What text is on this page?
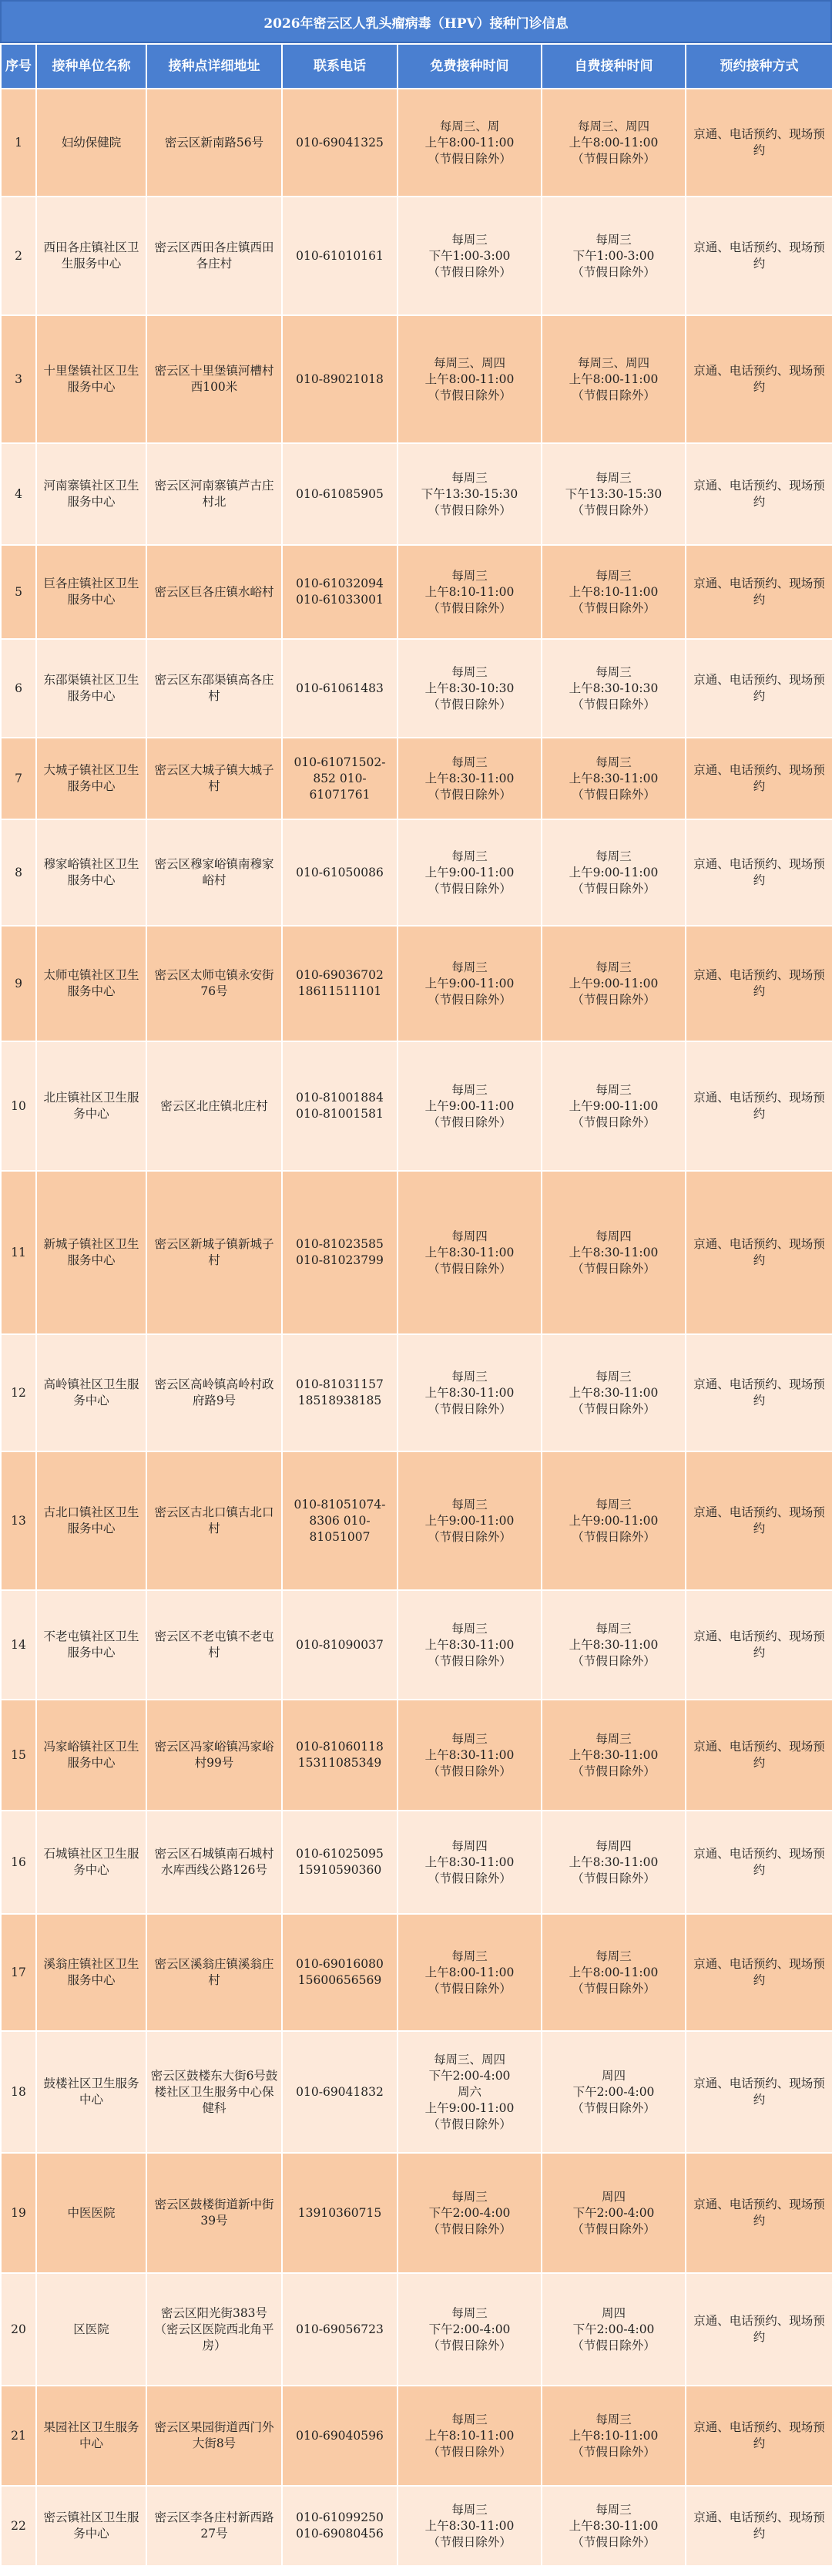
2026年密云区人乳头瘤病毒（HPV）接种门诊信息
序号	接种单位名称	接种点详细地址	联系电话	免费接种时间	自费接种时间	预约接种方式
1	妇幼保健院	密云区新南路56号	010-69041325	每周三、周
上午8:00-11:00
（节假日除外）	每周三、周四
上午8:00-11:00
（节假日除外）	京通、电话预约、现场预约
2	西田各庄镇社区卫生服务中心	密云区西田各庄镇西田各庄村	010-61010161	每周三
下午1:00-3:00
（节假日除外）	每周三
下午1:00-3:00
（节假日除外）	京通、电话预约、现场预约
3	十里堡镇社区卫生服务中心	密云区十里堡镇河槽村西100米	010-89021018	每周三、周四
上午8:00-11:00
（节假日除外）	每周三、周四
上午8:00-11:00
（节假日除外）	京通、电话预约、现场预约
4	河南寨镇社区卫生服务中心	密云区河南寨镇芦古庄村北	010-61085905	每周三
下午13:30-15:30
（节假日除外）	每周三
下午13:30-15:30
（节假日除外）	京通、电话预约、现场预约
5	巨各庄镇社区卫生服务中心	密云区巨各庄镇水峪村	010-61032094 010-61033001	每周三
上午8:10-11:00
（节假日除外）	每周三
上午8:10-11:00
（节假日除外）	京通、电话预约、现场预约
6	东邵渠镇社区卫生服务中心	密云区东邵渠镇高各庄村	010-61061483	每周三
上午8:30-10:30
（节假日除外）	每周三
上午8:30-10:30
（节假日除外）	京通、电话预约、现场预约
7	大城子镇社区卫生服务中心	密云区大城子镇大城子村	010-61071502-852 010-61071761	每周三
上午8:30-11:00
（节假日除外）	每周三
上午8:30-11:00
（节假日除外）	京通、电话预约、现场预约
8	穆家峪镇社区卫生服务中心	密云区穆家峪镇南穆家峪村	010-61050086	每周三
上午9:00-11:00
（节假日除外）	每周三
上午9:00-11:00
（节假日除外）	京通、电话预约、现场预约
9	太师屯镇社区卫生服务中心	密云区太师屯镇永安街76号	010-69036702 18611511101	每周三
上午9:00-11:00
（节假日除外）	每周三
上午9:00-11:00
（节假日除外）	京通、电话预约、现场预约
10	北庄镇社区卫生服务中心	密云区北庄镇北庄村	010-81001884 010-81001581	每周三
上午9:00-11:00
（节假日除外）	每周三
上午9:00-11:00
（节假日除外）	京通、电话预约、现场预约
11	新城子镇社区卫生服务中心	密云区新城子镇新城子村	010-81023585 010-81023799	每周四
上午8:30-11:00
（节假日除外）	每周四
上午8:30-11:00
（节假日除外）	京通、电话预约、现场预约
12	高岭镇社区卫生服务中心	密云区高岭镇高岭村政府路9号	010-81031157 18518938185	每周三
上午8:30-11:00
（节假日除外）	每周三
上午8:30-11:00
（节假日除外）	京通、电话预约、现场预约
13	古北口镇社区卫生服务中心	密云区古北口镇古北口村	010-81051074-8306 010-81051007	每周三
上午9:00-11:00
（节假日除外）	每周三
上午9:00-11:00
（节假日除外）	京通、电话预约、现场预约
14	不老屯镇社区卫生服务中心	密云区不老屯镇不老屯村	010-81090037	每周三
上午8:30-11:00
（节假日除外）	每周三
上午8:30-11:00
（节假日除外）	京通、电话预约、现场预约
15	冯家峪镇社区卫生服务中心	密云区冯家峪镇冯家峪村99号	010-81060118 15311085349	每周三
上午8:30-11:00
（节假日除外）	每周三
上午8:30-11:00
（节假日除外）	京通、电话预约、现场预约
16	石城镇社区卫生服务中心	密云区石城镇南石城村水库西线公路126号	010-61025095 15910590360	每周四
上午8:30-11:00
（节假日除外）	每周四
上午8:30-11:00
（节假日除外）	京通、电话预约、现场预约
17	溪翁庄镇社区卫生服务中心	密云区溪翁庄镇溪翁庄村	010-69016080 15600656569	每周三
上午8:00-11:00
（节假日除外）	每周三
上午8:00-11:00
（节假日除外）	京通、电话预约、现场预约
18	鼓楼社区卫生服务中心	密云区鼓楼东大街6号鼓楼社区卫生服务中心保健科	010-69041832	每周三、周四
下午2:00-4:00
周六
上午9:00-11:00
（节假日除外）	周四
下午2:00-4:00
（节假日除外）	京通、电话预约、现场预约
19	中医医院	密云区鼓楼街道新中街39号	13910360715	每周三
下午2:00-4:00
（节假日除外）	周四
下午2:00-4:00
（节假日除外）	京通、电话预约、现场预约
20	区医院	密云区阳光街383号（密云区医院西北角平房）	010-69056723	每周三
下午2:00-4:00
（节假日除外）	周四
下午2:00-4:00
（节假日除外）	京通、电话预约、现场预约
21	果园社区卫生服务中心	密云区果园街道西门外大街8号	010-69040596	每周三
上午8:10-11:00
（节假日除外）	每周三
上午8:10-11:00
（节假日除外）	京通、电话预约、现场预约
22	密云镇社区卫生服务中心	密云区李各庄村新西路27号	010-61099250 010-69080456	每周三
上午8:30-11:00
（节假日除外）	每周三
上午8:30-11:00
（节假日除外）	京通、电话预约、现场预约
